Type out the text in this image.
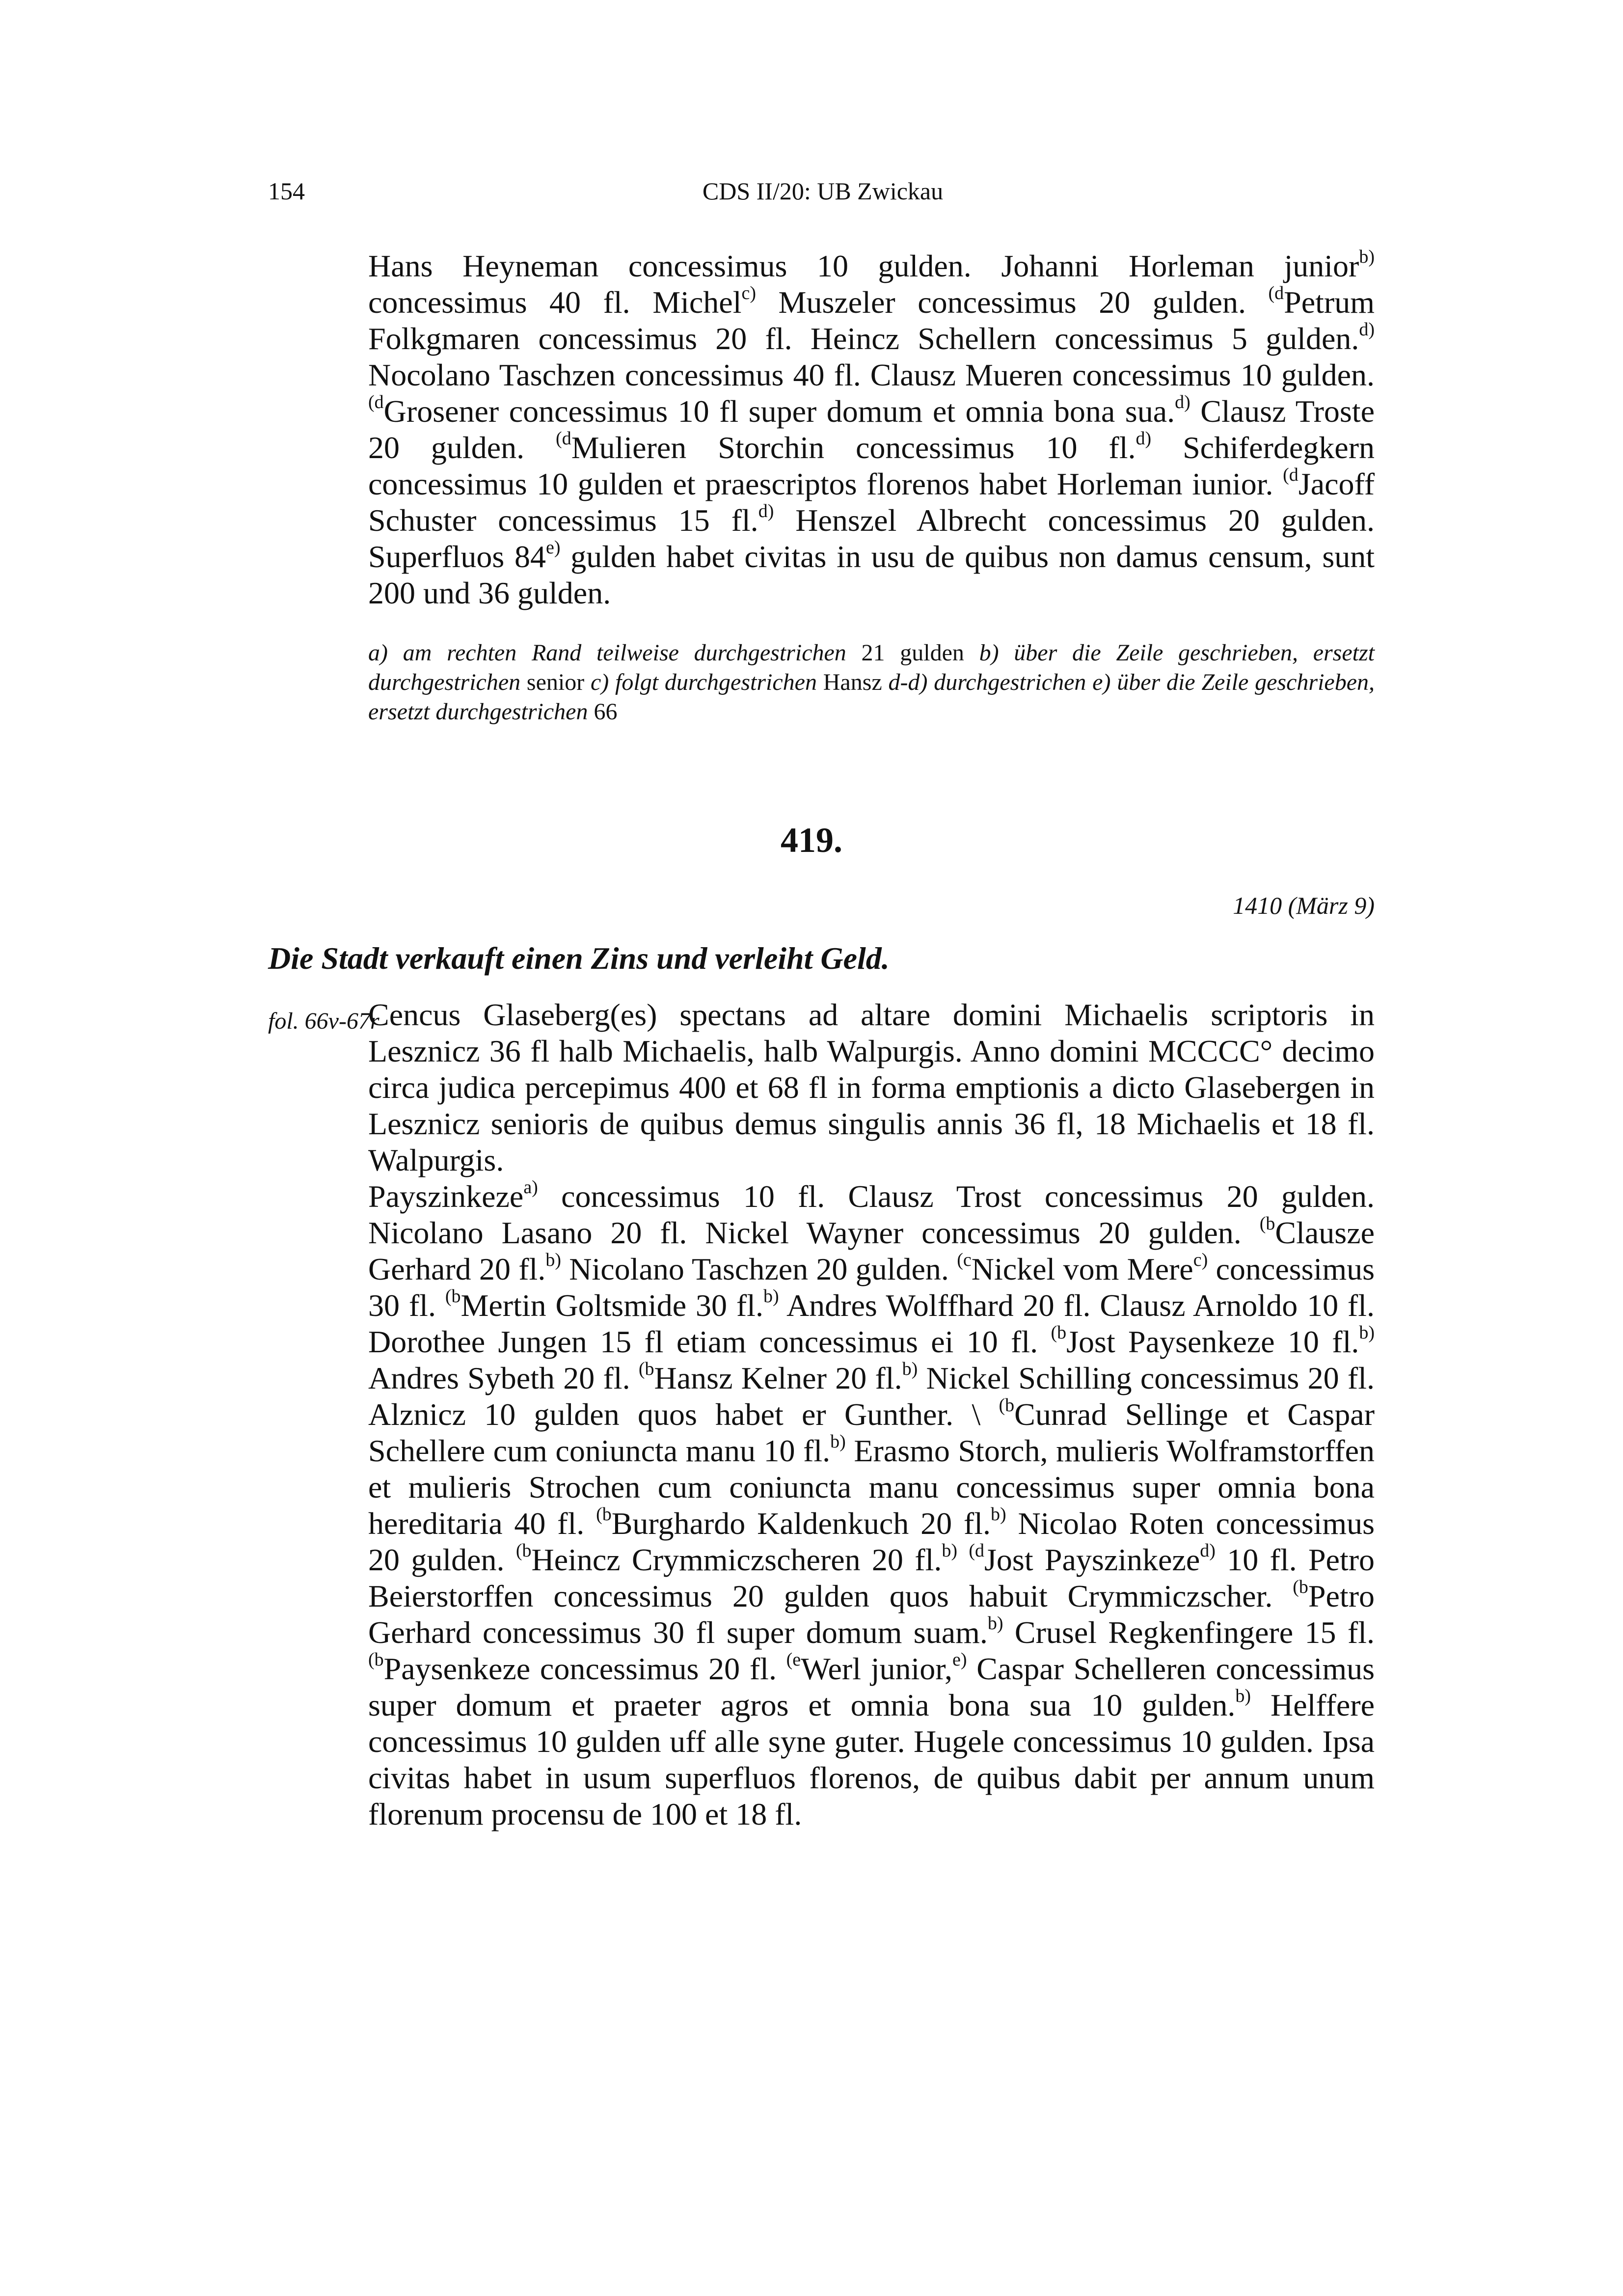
154	CDS II/20: UB Zwickau

Hans Heyneman concessimus 10 gulden. Johanni Horleman junior$^{b)}$ concessimus 40 fl. Michel$^{c)}$ Muszeler concessimus 20 gulden. $^{(d}$Petrum Folkgmaren concessimus 20 fl. Heincz Schellern concessimus 5 gulden.$^{d)}$ Nocolano Taschzen concessimus 40 fl. Clausz Mueren concessimus 10 gulden. $^{(d}$Grosener concessimus 10 fl super domum et omnia bona sua.$^{d)}$ Clausz Troste 20 gulden. $^{(d}$Mulieren Storchin concessimus 10 fl.$^{d)}$ Schiferdegkern concessimus 10 gulden et praescriptos florenos habet Horleman iunior. $^{(d}$Jacoff Schuster concessimus 15 fl.$^{d)}$ Henszel Albrecht concessimus 20 gulden. Superfluos 84$^{e)}$ gulden habet civitas in usu de quibus non damus censum, sunt 200 und 36 gulden.

a) am rechten Rand teilweise durchgestrichen 21 gulden b) über die Zeile geschrieben, ersetzt durchgestrichen senior c) folgt durchgestrichen Hansz d-d) durchgestrichen e) über die Zeile geschrieben, ersetzt durchgestrichen 66

419.
1410 (März 9)
Die Stadt verkauft einen Zins und verleiht Geld.
fol. 66v-67r

Cencus Glaseberg(es) spectans ad altare domini Michaelis scriptoris in Lesznicz 36 fl halb Michaelis, halb Walpurgis. Anno domini MCCCC° decimo circa judica percepimus 400 et 68 fl in forma emptionis a dicto Glasebergen in Lesznicz senioris de quibus demus singulis annis 36 fl, 18 Michaelis et 18 fl. Walpurgis.

Payszinkeze$^{a)}$ concessimus 10 fl. Clausz Trost concessimus 20 gulden. Nicolano Lasano 20 fl. Nickel Wayner concessimus 20 gulden. $^{(b}$Clausze Gerhard 20 fl.$^{b)}$ Nicolano Taschzen 20 gulden. $^{(c}$Nickel vom Mere$^{c)}$ concessimus 30 fl. $^{(b}$Mertin Goltsmide 30 fl.$^{b)}$ Andres Wolffhard 20 fl. Clausz Arnoldo 10 fl. Dorothee Jungen 15 fl etiam concessimus ei 10 fl. $^{(b}$Jost Paysenkeze 10 fl.$^{b)}$ Andres Sybeth 20 fl. $^{(b}$Hansz Kelner 20 fl.$^{b)}$ Nickel Schilling concessimus 20 fl. Alznicz 10 gulden quos habet er Gunther. \ $^{(b}$Cunrad Sellinge et Caspar Schellere cum coniuncta manu 10 fl.$^{b)}$ Erasmo Storch, mulieris Wolframstorffen et mulieris Strochen cum coniuncta manu concessimus super omnia bona hereditaria 40 fl. $^{(b}$Burghardo Kaldenkuch 20 fl.$^{b)}$ Nicolao Roten concessimus 20 gulden. $^{(b}$Heincz Crymmiczscheren 20 fl.$^{b)}$ $^{(d}$Jost Payszinkeze$^{d)}$ 10 fl. Petro Beierstorffen concessimus 20 gulden quos habuit Crymmiczscher. $^{(b}$Petro Gerhard concessimus 30 fl super domum suam.$^{b)}$ Crusel Regkenfingere 15 fl. $^{(b}$Paysenkeze concessimus 20 fl. $^{(e}$Werl junior,$^{e)}$ Caspar Schelleren concessimus super domum et praeter agros et omnia bona sua 10 gulden.$^{b)}$ Helffere concessimus 10 gulden uff alle syne guter. Hugele concessimus 10 gulden. Ipsa civitas habet in usum superfluos florenos, de quibus dabit per annum unum florenum procensu de 100 et 18 fl.
